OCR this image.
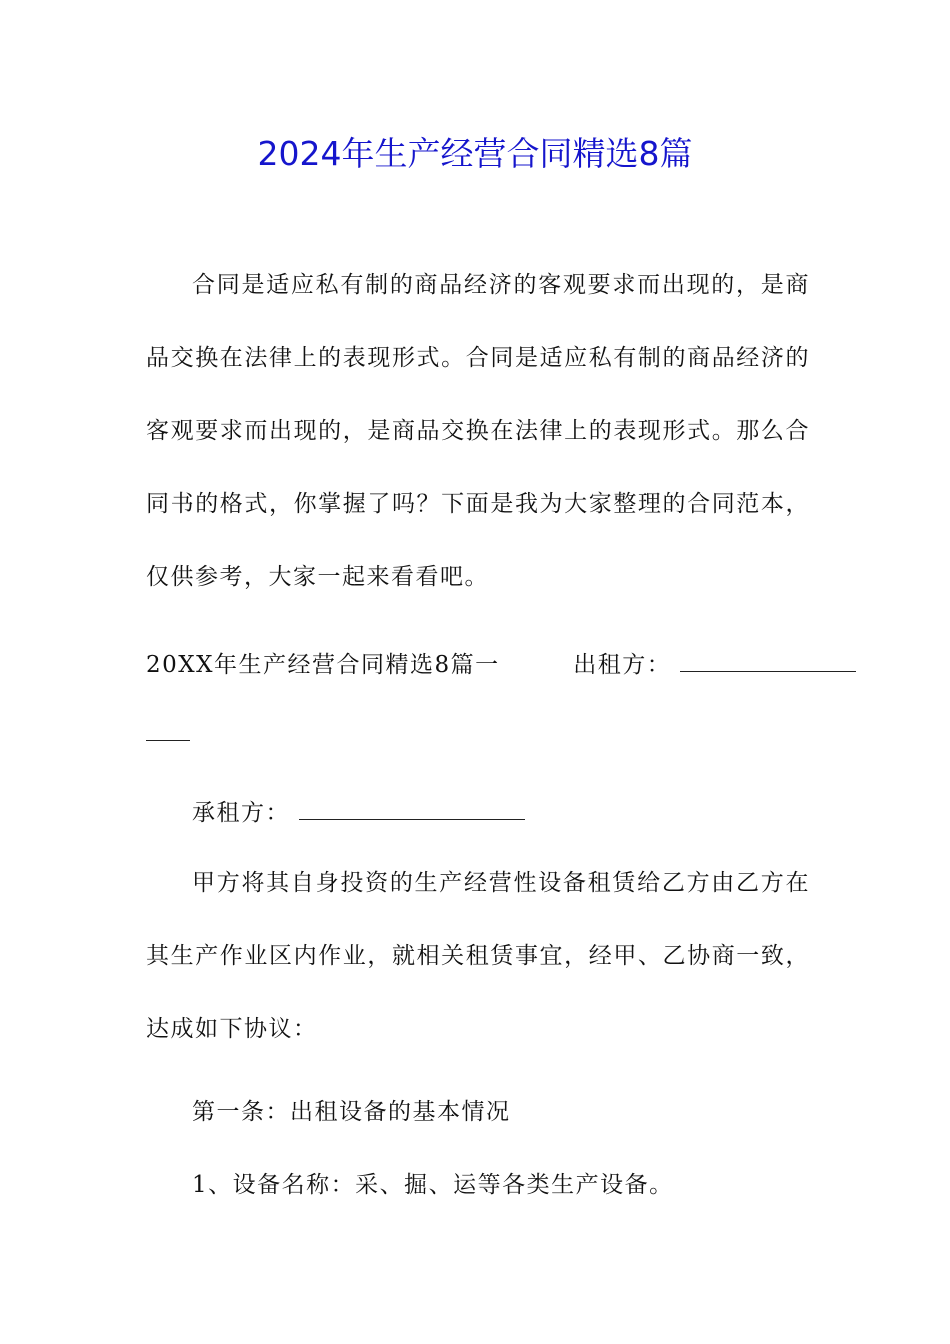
2024年生产经营合同精选8篇

合同是适应私有制的商品经济的客观要求而出现的，是商品交换在法律上的表现形式。合同是适应私有制的商品经济的客观要求而出现的，是商品交换在法律上的表现形式。那么合同书的格式，你掌握了吗？下面是我为大家整理的合同范本，仅供参考，大家一起来看看吧。

20XX年生产经营合同精选8篇一	出租方：
承租方：

甲方将其自身投资的生产经营性设备租赁给乙方由乙方在其生产作业区内作业，就相关租赁事宜，经甲、乙协商一致，达成如下协议：

第一条：出租设备的基本情况
1、设备名称：采、掘、运等各类生产设备。
